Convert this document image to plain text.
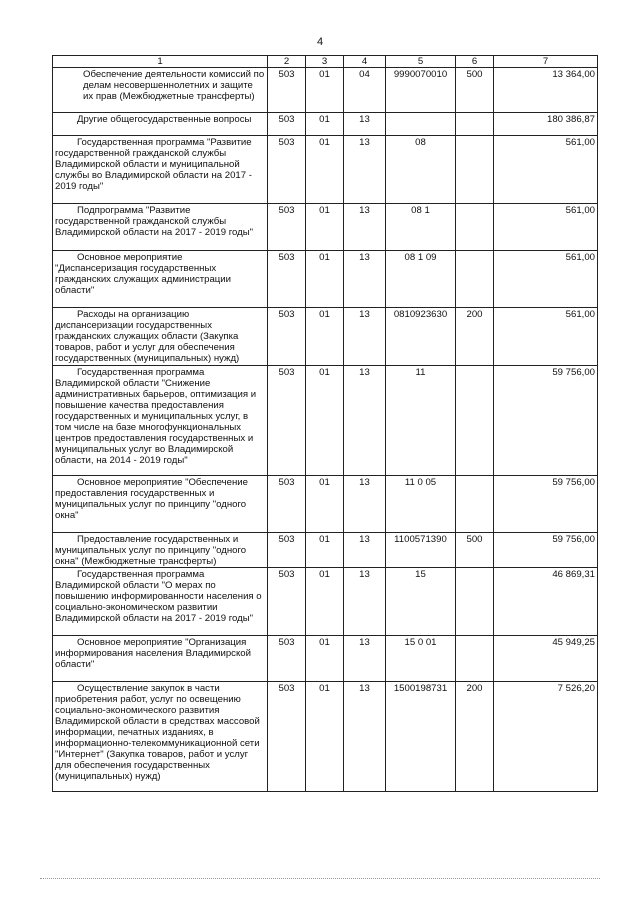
4
1	2	3	4	5	6	7
Обеспечение деятельности комиссий по делам несовершеннолетних и защите их прав (Межбюджетные трансферты)	503	01	04	9990070010	500	13 364,00
Другие общегосударственные вопросы	503	01	13			180 386,87
Государственная программа "Развитие государственной гражданской службы Владимирской области и муниципальной службы во Владимирской области на 2017 - 2019 годы"	503	01	13	08		561,00
Подпрограмма "Развитие государственной гражданской службы Владимирской области на 2017 - 2019 годы"	503	01	13	08 1		561,00
Основное мероприятие "Диспансеризация государственных гражданских служащих администрации области"	503	01	13	08 1 09		561,00
Расходы на организацию диспансеризации государственных гражданских служащих области (Закупка товаров, работ и услуг для обеспечения государственных (муниципальных) нужд)	503	01	13	0810923630	200	561,00
Государственная программа Владимирской области "Снижение административных барьеров, оптимизация и повышение качества предоставления государственных и муниципальных услуг, в том числе на базе многофункциональных центров предоставления государственных и муниципальных услуг во Владимирской области, на 2014 - 2019 годы"	503	01	13	11		59 756,00
Основное мероприятие "Обеспечение предоставления государственных и муниципальных услуг по принципу "одного окна"	503	01	13	11 0 05		59 756,00
Предоставление государственных и муниципальных услуг по принципу "одного окна" (Межбюджетные трансферты)	503	01	13	1100571390	500	59 756,00
Государственная программа Владимирской области "О мерах по повышению информированности населения о социально-экономическом развитии Владимирской области на 2017 - 2019 годы"	503	01	13	15		46 869,31
Основное мероприятие "Организация информирования населения Владимирской области"	503	01	13	15 0 01		45 949,25
Осуществление закупок в части приобретения работ, услуг по освещению социально-экономического развития Владимирской области в средствах массовой информации, печатных изданиях, в информационно-телекоммуникационной сети "Интернет" (Закупка товаров, работ и услуг для обеспечения государственных (муниципальных) нужд)	503	01	13	1500198731	200	7 526,20
